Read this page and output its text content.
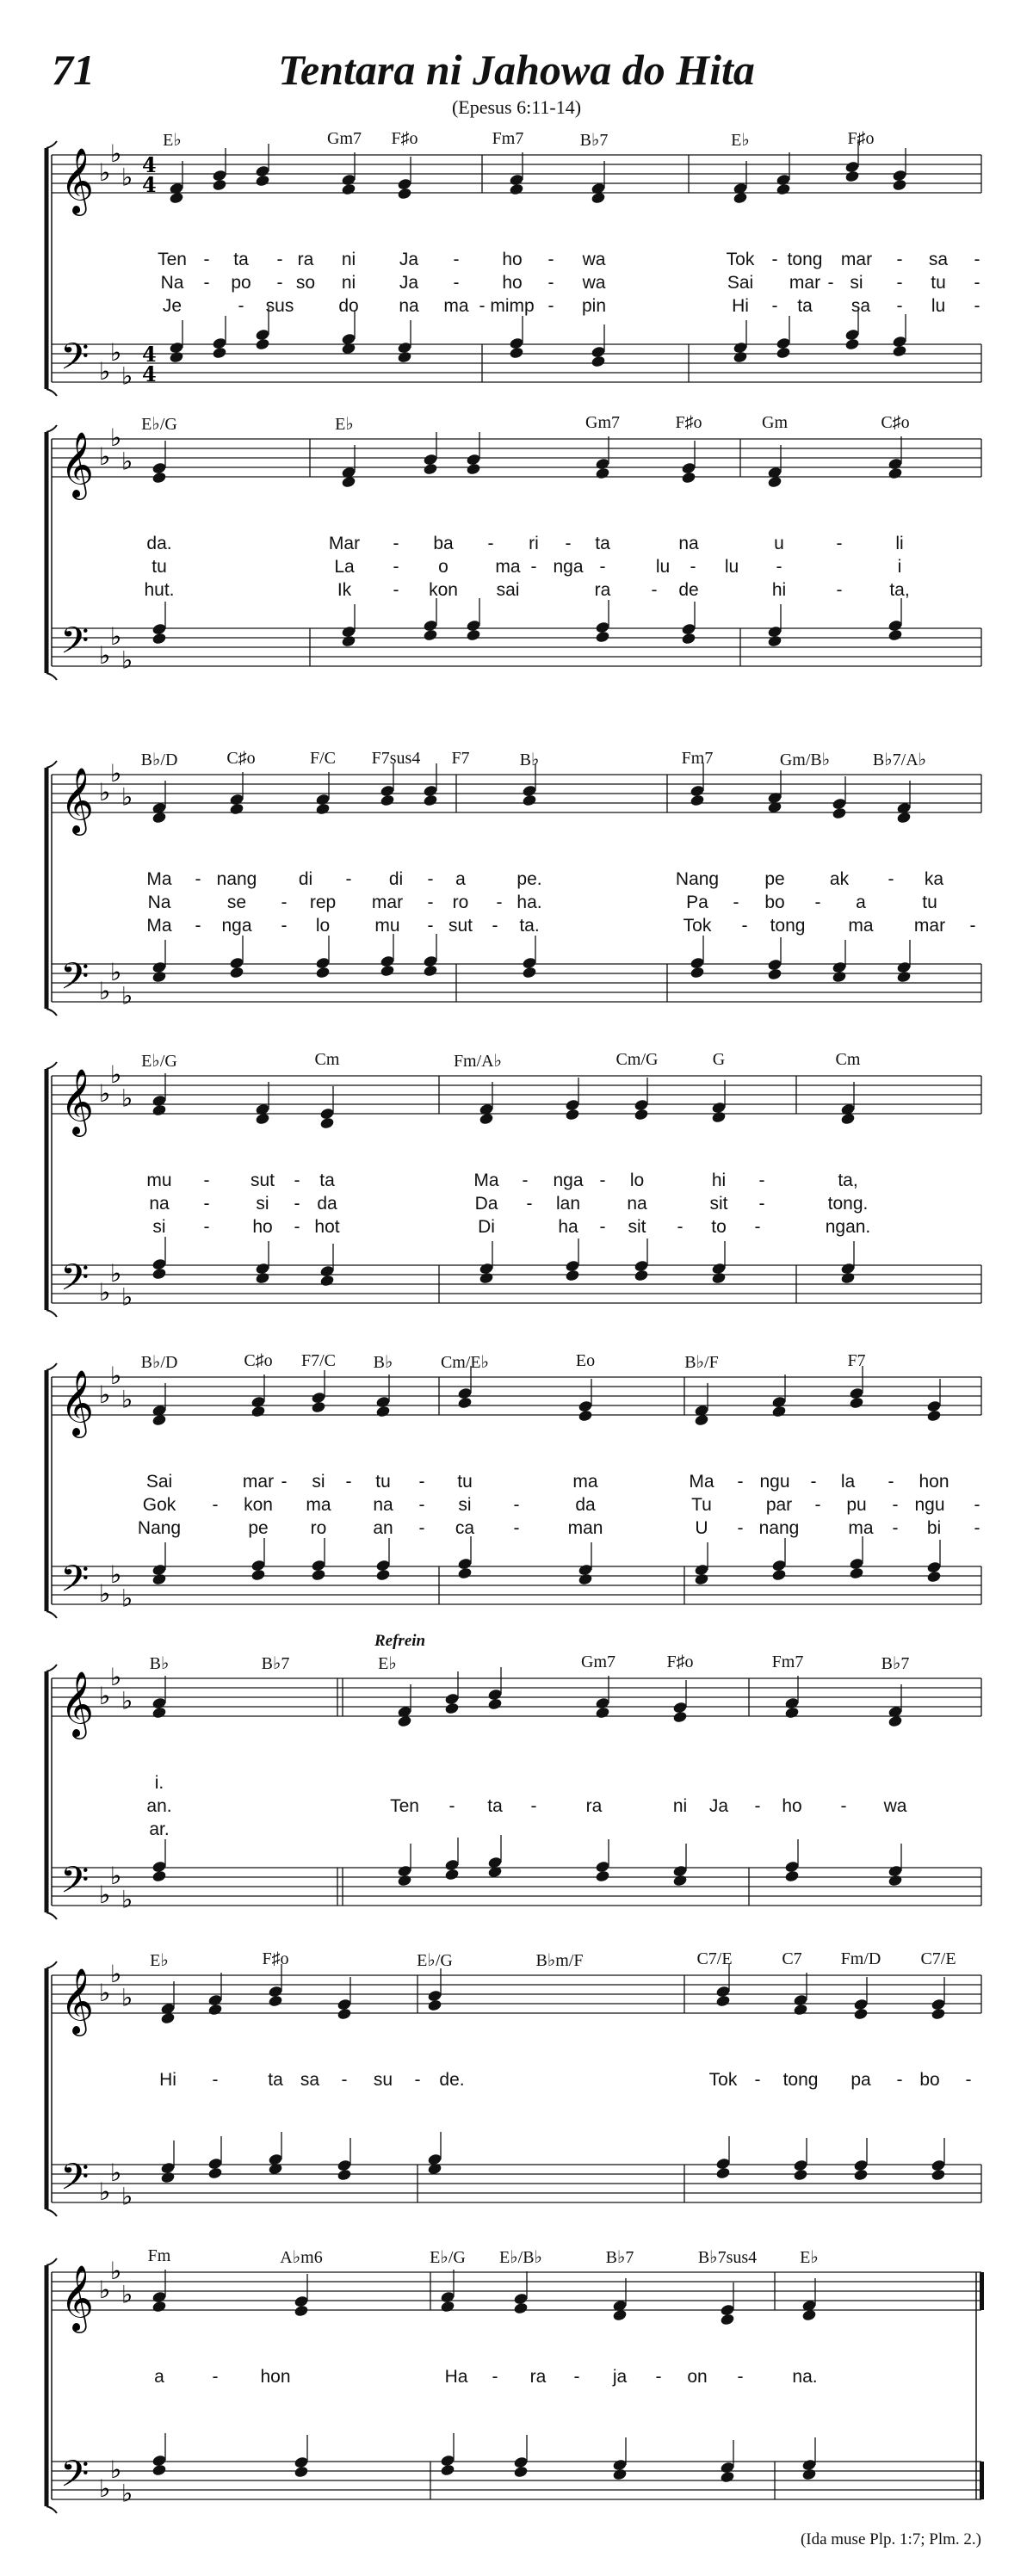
71	Tentara ni Jahowa do Hita
(Epesus 6:11-14)
𝄞
𝄢
♭
♭
♭
♭
♭
♭
4
4
4
4
E♭	Gm7 F♯o	Fm7	B♭7	E♭	F♯o
Ten - ta - ra ni Ja - ho - wa	Tok - tong mar - sa -
Na - po - so ni Ja - ho - wa	Sai mar - si - tu -
Je	- sus do na ma - mimp - pin	Hi - ta sa - lu -
𝄞
𝄢
♭
♭
♭
♭
♭
♭
E♭/G	E♭	Gm7	F♯o	Gm	C♯o
da.	Mar - ba - ri - ta	na	u	-	li
tu	La - o	ma - nga -	lu - lu -	i
hut.	Ik - kon sai	ra - de	hi	-	ta,
𝄞
𝄢
♭
♭
♭
♭
♭
♭
B♭/D	C♯o	F/C F7sus4 F7	B♭	Fm7	Gm/B♭ B♭7/A♭
Ma - nang di - di - a	pe.	Nang	pe ak - ka
Na	se - rep mar - ro - ha.	Pa - bo - a	tu
Ma - nga - lo mu - sut - ta.	Tok - tong ma mar -
𝄞
𝄢
♭
♭
♭
♭
♭
♭
E♭/G	Cm	Fm/A♭	Cm/G	G	Cm
mu - sut - ta	Ma - nga - lo	hi -	ta,
na -	si - da	Da - lan	na	sit -	tong.
si - ho - hot	Di	ha - sit - to -	ngan.
𝄞
𝄢
♭
♭
♭
♭
♭
♭
B♭/D	C♯o F7/C B♭	Cm/E♭	Eo	B♭/F	F7
Sai	mar - si - tu - tu	ma	Ma - ngu - la - hon
Gok - kon ma na - si -	da	Tu	par - pu - ngu -
Nang	pe ro	an - ca -	man	U - nang	ma - bi -
𝄞
𝄢
♭
♭
♭
♭
♭
♭
B♭	B♭7	E♭	Gm7	F♯o	Fm7	B♭7
Refrein
i.
an.	Ten - ta -	ra	ni Ja - ho - wa
ar.
𝄞
𝄢
♭
♭
♭
♭
♭
♭
E♭	F♯o	E♭/G	B♭m/F	C7/E	C7 Fm/D C7/E
Hi -	ta sa - su - de.	Tok - tong pa - bo -
𝄞
𝄢
♭
♭
♭
♭
♭
♭
Fm	A♭m6	E♭/G E♭/B♭	B♭7	B♭7sus4	E♭
a	- hon	Ha - ra - ja - on -	na.
(Ida muse Plp. 1:7; Plm. 2.)
